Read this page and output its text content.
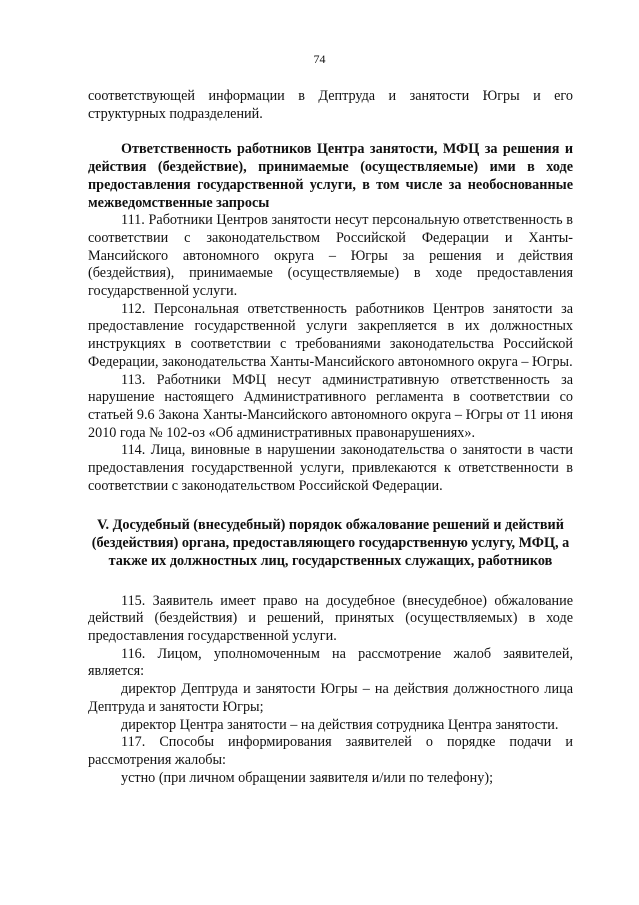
74

соответствующей информации в Дептруда и занятости Югры и его структурных подразделений.

Ответственность работников Центра занятости, МФЦ за решения и действия (бездействие), принимаемые (осуществляемые) ими в ходе предоставления государственной услуги, в том числе за необоснованные межведомственные запросы

111. Работники Центров занятости несут персональную ответственность в соответствии с законодательством Российской Федерации и Ханты-Мансийского автономного округа – Югры за решения и действия (бездействия), принимаемые (осуществляемые) в ходе предоставления государственной услуги.

112. Персональная ответственность работников Центров занятости за предоставление государственной услуги закрепляется в их должностных инструкциях в соответствии с требованиями законодательства Российской Федерации, законодательства Ханты-Мансийского автономного округа – Югры.

113. Работники МФЦ несут административную ответственность за нарушение настоящего Административного регламента в соответствии со статьей 9.6 Закона Ханты-Мансийского автономного округа – Югры от 11 июня 2010 года № 102-оз «Об административных правонарушениях».

114. Лица, виновные в нарушении законодательства о занятости в части предоставления государственной услуги, привлекаются к ответственности в соответствии с законодательством Российской Федерации.

V. Досудебный (внесудебный) порядок обжалование решений и действий (бездействия) органа, предоставляющего государственную услугу, МФЦ, а также их должностных лиц, государственных служащих, работников

115. Заявитель имеет право на досудебное (внесудебное) обжалование действий (бездействия) и решений, принятых (осуществляемых) в ходе предоставления государственной услуги.

116. Лицом, уполномоченным на рассмотрение жалоб заявителей, является:

директор Дептруда и занятости Югры – на действия должностного лица Дептруда и занятости Югры;

директор Центра занятости – на действия сотрудника Центра занятости.

117. Способы информирования заявителей о порядке подачи и рассмотрения жалобы:

устно (при личном обращении заявителя и/или по телефону);
